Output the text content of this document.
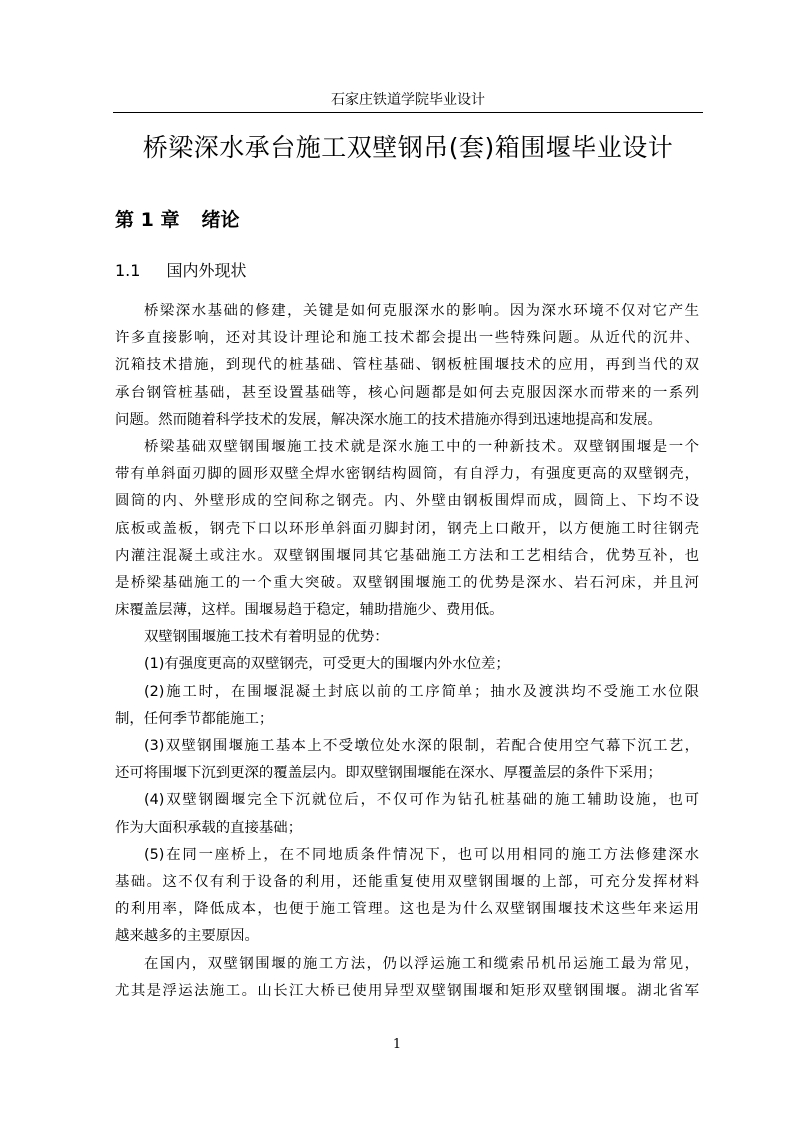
石家庄铁道学院毕业设计
桥梁深水承台施工双壁钢吊(套)箱围堰毕业设计
第 1 章 绪论
1.1 国内外现状
桥梁深水基础的修建，关键是如何克服深水的影响。因为深水环境不仅对它产生
许多直接影响，还对其设计理论和施工技术都会提出一些特殊问题。从近代的沉井、
沉箱技术措施，到现代的桩基础、管柱基础、钢板桩围堰技术的应用，再到当代的双
承台钢管桩基础，甚至设置基础等，核心问题都是如何去克服因深水而带来的一系列
问题。然而随着科学技术的发展，解决深水施工的技术措施亦得到迅速地提高和发展。
桥梁基础双壁钢围堰施工技术就是深水施工中的一种新技术。双壁钢围堰是一个
带有单斜面刃脚的圆形双壁全焊水密钢结构圆筒，有自浮力，有强度更高的双壁钢壳，
圆筒的内、外壁形成的空间称之钢壳。内、外壁由钢板围焊而成，圆筒上、下均不设
底板或盖板，钢壳下口以环形单斜面刃脚封闭，钢壳上口敞开，以方便施工时往钢壳
内灌注混凝土或注水。双壁钢围堰同其它基础施工方法和工艺相结合，优势互补，也
是桥梁基础施工的一个重大突破。双壁钢围堰施工的优势是深水、岩石河床，并且河
床覆盖层薄，这样。围堰易趋于稳定，辅助措施少、费用低。
双壁钢围堰施工技术有着明显的优势：
(1)有强度更高的双壁钢壳，可受更大的围堰内外水位差；
(2)施工时，在围堰混凝土封底以前的工序简单；抽水及渡洪均不受施工水位限
制，任何季节都能施工；
(3)双壁钢围堰施工基本上不受墩位处水深的限制，若配合使用空气幕下沉工艺，
还可将围堰下沉到更深的覆盖层内。即双壁钢围堰能在深水、厚覆盖层的条件下采用；
(4)双壁钢圈堰完全下沉就位后，不仅可作为钻孔桩基础的施工辅助设施，也可
作为大面积承载的直接基础；
(5)在同一座桥上，在不同地质条件情况下，也可以用相同的施工方法修建深水
基础。这不仅有利于设备的利用，还能重复使用双壁钢围堰的上部，可充分发挥材料
的利用率，降低成本，也便于施工管理。这也是为什么双壁钢围堰技术这些年来运用
越来越多的主要原因。
在国内，双壁钢围堰的施工方法，仍以浮运施工和缆索吊机吊运施工最为常见，
尤其是浮运法施工。山长江大桥已使用异型双壁钢围堰和矩形双壁钢围堰。湖北省军
1
